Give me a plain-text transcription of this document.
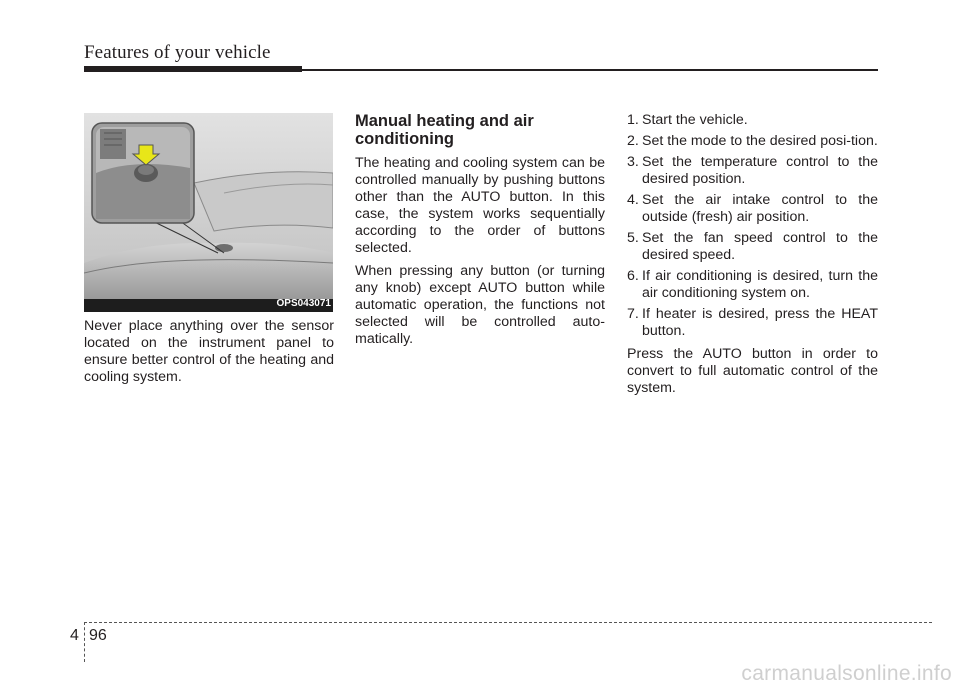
Features of your vehicle
OPS043071

Never place anything over the sensor located on the instrument panel to ensure better control of the heating and cooling system.

Manual heating and air conditioning

The heating and cooling system can be controlled manually by pushing buttons other than the AUTO button. In this case, the system works sequentially according to the order of buttons selected.

When pressing any button (or turning any knob) except AUTO button while automatic operation, the functions not selected will be controlled auto-matically.

1. Start the vehicle.
2. Set the mode to the desired posi-tion.
3. Set the temperature control to the desired position.
4. Set the air intake control to the outside (fresh) air position.
5. Set the fan speed control to the desired speed.
6. If air conditioning is desired, turn the air conditioning system on.
7. If heater is desired, press the HEAT button.

Press the AUTO button in order to convert to full automatic control of the system.

4 96
carmanualsonline.info
